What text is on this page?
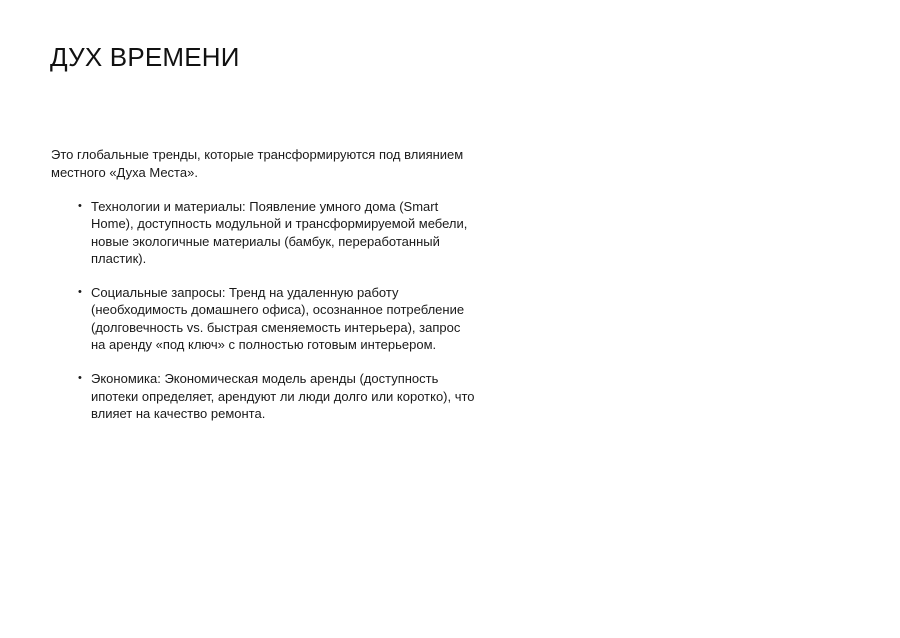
ДУХ ВРЕМЕНИ

Это глобальные тренды, которые трансформируются под влиянием местного «Духа Места».

• Технологии и материалы: Появление умного дома (Smart Home), доступность модульной и трансформируемой мебели, новые экологичные материалы (бамбук, переработанный пластик).
• Социальные запросы: Тренд на удаленную работу (необходимость домашнего офиса), осознанное потребление (долговечность vs. быстрая сменяемость интерьера), запрос на аренду «под ключ» с полностью готовым интерьером.
• Экономика: Экономическая модель аренды (доступность ипотеки определяет, арендуют ли люди долго или коротко), что влияет на качество ремонта.
